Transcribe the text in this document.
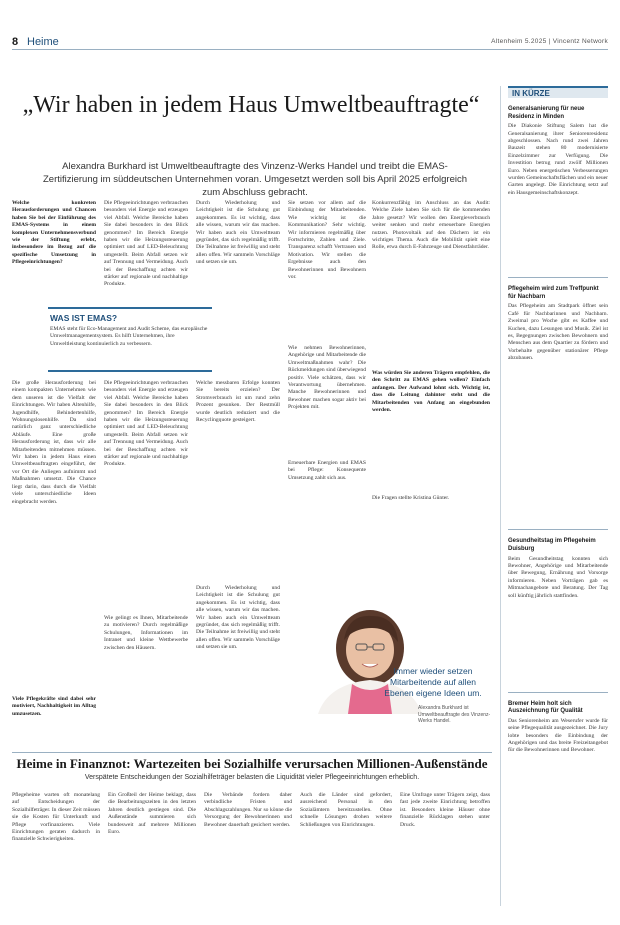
8 Heime	Altenheim 5.2025 | Vincentz Network
„Wir haben in jedem Haus Umweltbeauftragte“

Alexandra Burkhard ist Umweltbeauftragte des Vinzenz-Werks Handel und treibt die EMAS-Zertifizierung im süddeutschen Unternehmen voran. Umgesetzt werden soll bis April 2025 erfolgreich zum Abschluss gebracht.

Welche konkreten Herausforderungen und Chancen haben Sie bei der Einführung des EMAS-Systems in einem komplexen Unternehmensverbund wie der Stiftung erlebt, insbesondere im Bezug auf die spezifische Umsetzung in Pflegeeinrichtungen?

WAS IST EMAS?
EMAS steht für Eco-Management and Audit Scheme, das europäische Umweltmanagementsystem. Es hilft Unternehmen, ihre Umweltleistung kontinuierlich zu verbessern.

Die große Herausforderung bei einem kompakten Unternehmen wie dem unseren ist die Vielfalt der Einrichtungen. Wir haben Altenhilfe, Jugendhilfe, Behindertenhilfe, Wohnungslosenhilfe. Da sind natürlich ganz unterschiedliche Abläufe. Eine große Herausforderung ist, dass wir alle Mitarbeitenden mitnehmen müssen. Wir haben in jedem Haus einen Umweltbeauftragten eingeführt, der vor Ort die Anliegen aufnimmt und Maßnahmen umsetzt. Die Chance liegt darin, dass durch die Vielfalt viele unterschiedliche Ideen eingebracht werden.

Viele Pflegekräfte sind dabei sehr motiviert, Nachhaltigkeit im Alltag umzusetzen.

Die Pflegeeinrichtungen verbrauchen besonders viel Energie und erzeugen viel Abfall. Welche Bereiche haben Sie dabei besonders in den Blick genommen? Im Bereich Energie haben wir die Heizungssteuerung optimiert und auf LED-Beleuchtung umgestellt. Beim Abfall setzen wir auf Trennung und Vermeidung. Auch bei der Beschaffung achten wir stärker auf regionale und nachhaltige Produkte.

Die Pflegeeinrichtungen verbrauchen besonders viel Energie und erzeugen viel Abfall. Welche Bereiche haben Sie dabei besonders in den Blick genommen? Im Bereich Energie haben wir die Heizungssteuerung optimiert und auf LED-Beleuchtung umgestellt. Beim Abfall setzen wir auf Trennung und Vermeidung. Auch bei der Beschaffung achten wir stärker auf regionale und nachhaltige Produkte.

Wie gelingt es Ihnen, Mitarbeitende zu motivieren? Durch regelmäßige Schulungen, Informationen im Intranet und kleine Wettbewerbe zwischen den Häusern.

Durch Wiederholung und Leichtigkeit ist die Schulung gut angekommen. Es ist wichtig, dass alle wissen, warum wir das machen. Wir haben auch ein Umweltteam gegründet, das sich regelmäßig trifft. Die Teilnahme ist freiwillig und steht allen offen. Wir sammeln Vorschläge und setzen sie um.

Welche messbaren Erfolge konnten Sie bereits erzielen? Der Stromverbrauch ist um rund zehn Prozent gesunken. Der Restmüll wurde deutlich reduziert und die Recyclingquote gesteigert.

Durch Wiederholung und Leichtigkeit ist die Schulung gut angekommen. Es ist wichtig, dass alle wissen, warum wir das machen. Wir haben auch ein Umweltteam gegründet, das sich regelmäßig trifft. Die Teilnahme ist freiwillig und steht allen offen. Wir sammeln Vorschläge und setzen sie um.

Sie setzen vor allem auf die Einbindung der Mitarbeitenden. Wie wichtig ist die Kommunikation? Sehr wichtig. Wir informieren regelmäßig über Fortschritte, Zahlen und Ziele. Transparenz schafft Vertrauen und Motivation. Wir stellen die Ergebnisse auch den Bewohnerinnen und Bewohnern vor.

Wie nehmen Bewohnerinnen, Angehörige und Mitarbeitende die Umweltmaßnahmen wahr? Die Rückmeldungen sind überwiegend positiv. Viele schätzen, dass wir Verantwortung übernehmen. Manche Bewohnerinnen und Bewohner machen sogar aktiv bei Projekten mit.

Erneuerbare Energien und EMAS bei Pflege: Konsequente Umsetzung zahlt sich aus.

Konkurrenzfähig im Anschluss an das Audit: Welche Ziele haben Sie sich für die kommenden Jahre gesetzt? Wir wollen den Energieverbrauch weiter senken und mehr erneuerbare Energien nutzen. Photovoltaik auf den Dächern ist ein wichtiges Thema. Auch die Mobilität spielt eine Rolle, etwa durch E-Fahrzeuge und Dienstfahrräder.

Was würden Sie anderen Trägern empfehlen, die den Schritt zu EMAS gehen wollen? Einfach anfangen. Der Aufwand lohnt sich. Wichtig ist, dass die Leitung dahinter steht und die Mitarbeitenden von Anfang an eingebunden werden.

Die Fragen stellte Kristina Günter.

Immer wieder setzen Mitarbeitende auf allen Ebenen eigene Ideen um.
Alexandra Burkhard ist Umweltbeauftragte des Vinzenz-Werks Handel.
IN KÜRZE
Generalsanierung für neue Residenz in Minden
Die Diakonie Stiftung Salem hat die Generalsanierung ihrer Seniorenresidenz abgeschlossen. Nach rund zwei Jahren Bauzeit stehen 80 modernisierte Einzelzimmer zur Verfügung. Die Investition betrug rund zwölf Millionen Euro. Neben energetischen Verbesserungen wurden Gemeinschaftsflächen und ein neuer Garten angelegt. Die Einrichtung setzt auf ein Hausgemeinschaftskonzept.
Pflegeheim wird zum Treffpunkt für Nachbarn
Das Pflegeheim am Stadtpark öffnet sein Café für Nachbarinnen und Nachbarn. Zweimal pro Woche gibt es Kaffee und Kuchen, dazu Lesungen und Musik. Ziel ist es, Begegnungen zwischen Bewohnern und Menschen aus dem Quartier zu fördern und Vorbehalte gegenüber stationärer Pflege abzubauen.
Gesundheitstag im Pflegeheim Duisburg
Beim Gesundheitstag konnten sich Bewohner, Angehörige und Mitarbeitende über Bewegung, Ernährung und Vorsorge informieren. Neben Vorträgen gab es Mitmachangebote und Beratung. Der Tag soll künftig jährlich stattfinden.
Bremer Heim holt sich Auszeichnung für Qualität
Das Seniorenheim am Weserufer wurde für seine Pflegequalität ausgezeichnet. Die Jury lobte besonders die Einbindung der Angehörigen und das breite Freizeitangebot für die Bewohnerinnen und Bewohner.
Heime in Finanznot: Wartezeiten bei Sozialhilfe verursachen Millionen-Außenstände

Verspätete Entscheidungen der Sozialhilfeträger belasten die Liquidität vieler Pflegeeinrichtungen erheblich.

Pflegeheime warten oft monatelang auf Entscheidungen der Sozialhilfeträger. In dieser Zeit müssen sie die Kosten für Unterkunft und Pflege vorfinanzieren. Viele Einrichtungen geraten dadurch in finanzielle Schwierigkeiten.

Ein Großteil der Heime beklagt, dass die Bearbeitungszeiten in den letzten Jahren deutlich gestiegen sind. Die Außenstände summieren sich bundesweit auf mehrere Millionen Euro.

Die Verbände fordern daher verbindliche Fristen und Abschlagszahlungen. Nur so könne die Versorgung der Bewohnerinnen und Bewohner dauerhaft gesichert werden.

Auch die Länder sind gefordert, ausreichend Personal in den Sozialämtern bereitzustellen. Ohne schnelle Lösungen drohen weitere Schließungen von Einrichtungen.

Eine Umfrage unter Trägern zeigt, dass fast jede zweite Einrichtung betroffen ist. Besonders kleine Häuser ohne finanzielle Rücklagen stehen unter Druck.
